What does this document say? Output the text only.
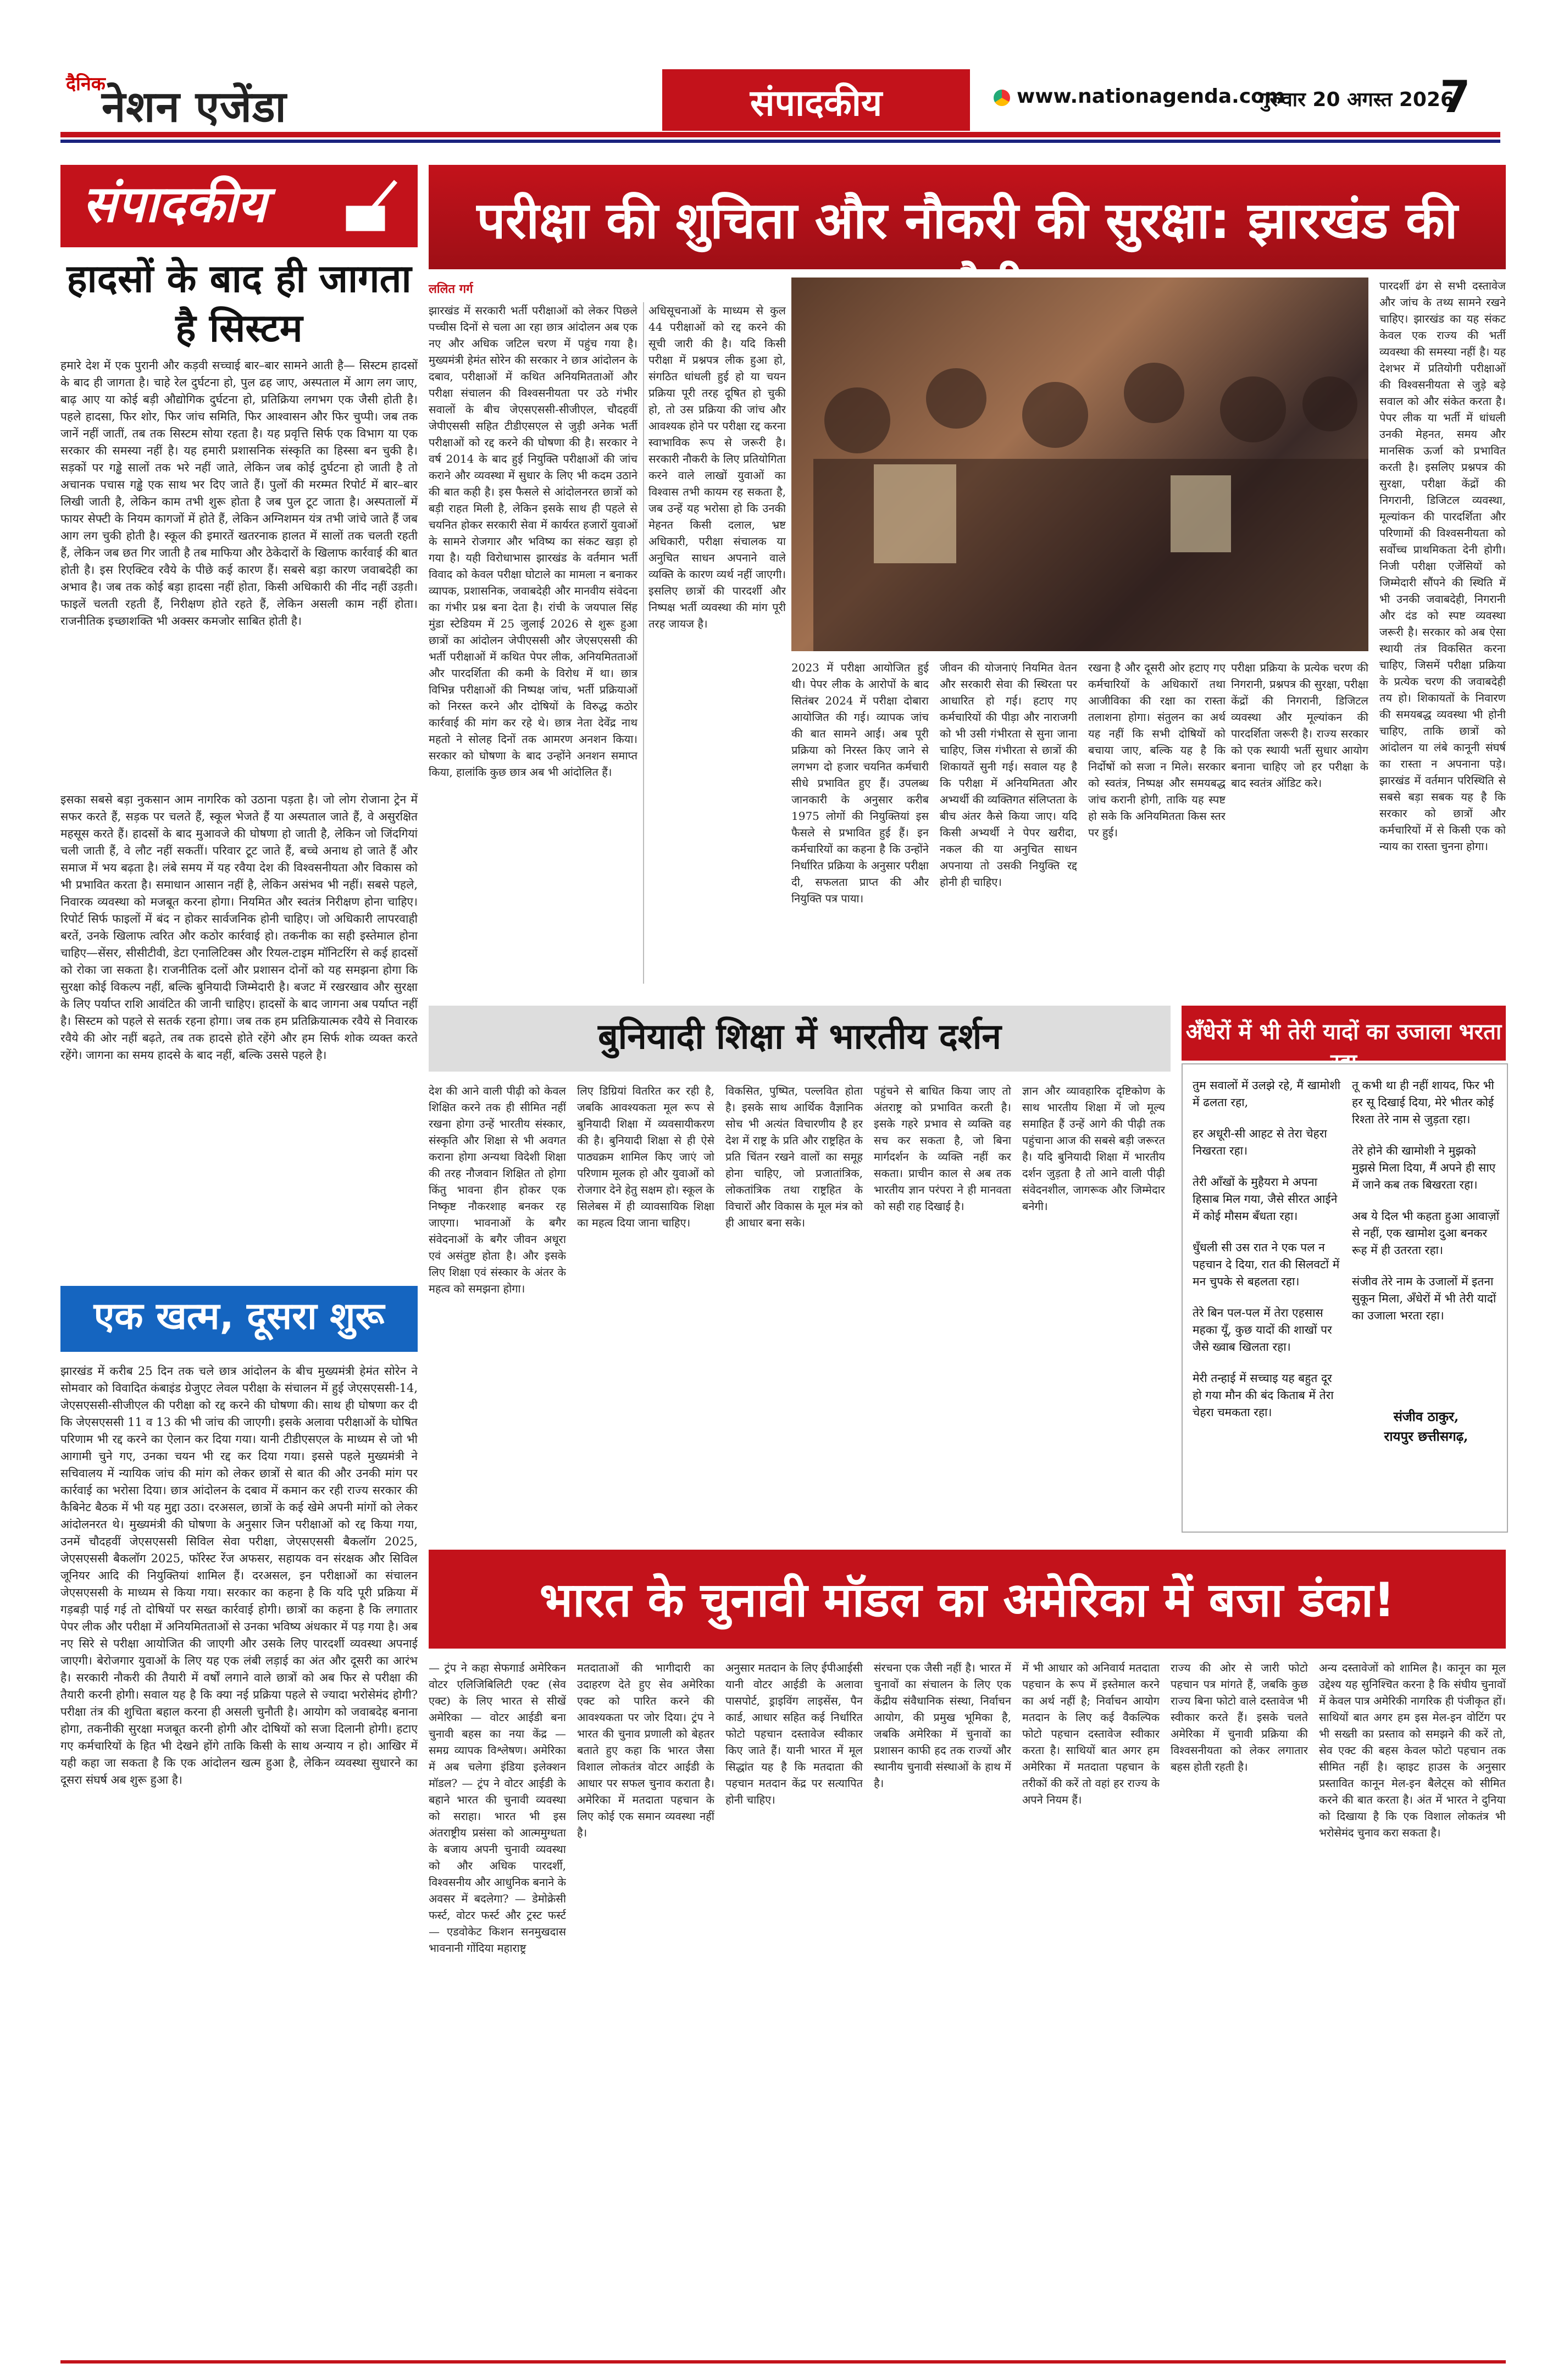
दैनिक
नेशन एजेंडा	संपादकीय	www.nationagenda.com
गुरुवार 20 अगस्त 2026
7
संपादकीय
हादसों के बाद ही जागता है सिस्टम
हमारे देश में एक पुरानी और कड़वी सच्चाई बार–बार सामने आती है— सिस्टम हादसों के बाद ही जागता है। चाहे रेल दुर्घटना हो, पुल ढह जाए, अस्पताल में आग लग जाए, बाढ़ आए या कोई बड़ी औद्योगिक दुर्घटना हो, प्रतिक्रिया लगभग एक जैसी होती है। पहले हादसा, फिर शोर, फिर जांच समिति, फिर आश्वासन और फिर चुप्पी। जब तक जानें नहीं जातीं, तब तक सिस्टम सोया रहता है। यह प्रवृत्ति सिर्फ एक विभाग या एक सरकार की समस्या नहीं है। यह हमारी प्रशासनिक संस्कृति का हिस्सा बन चुकी है। सड़कों पर गड्ढे सालों तक भरे नहीं जाते, लेकिन जब कोई दुर्घटना हो जाती है तो अचानक पचास गड्ढे एक साथ भर दिए जाते हैं। पुलों की मरम्मत रिपोर्ट में बार–बार लिखी जाती है, लेकिन काम तभी शुरू होता है जब पुल टूट जाता है। अस्पतालों में फायर सेफ्टी के नियम कागजों में होते हैं, लेकिन अग्निशमन यंत्र तभी जांचे जाते हैं जब आग लग चुकी होती है। स्कूल की इमारतें खतरनाक हालत में सालों तक चलती रहती हैं, लेकिन जब छत गिर जाती है तब माफिया और ठेकेदारों के खिलाफ कार्रवाई की बात होती है। इस रिएक्टिव रवैये के पीछे कई कारण हैं। सबसे बड़ा कारण जवाबदेही का अभाव है। जब तक कोई बड़ा हादसा नहीं होता, किसी अधिकारी की नींद नहीं उड़ती। फाइलें चलती रहती हैं, निरीक्षण होते रहते हैं, लेकिन असली काम नहीं होता। राजनीतिक इच्छाशक्ति भी अक्सर कमजोर साबित होती है।
इसका सबसे बड़ा नुकसान आम नागरिक को उठाना पड़ता है। जो लोग रोजाना ट्रेन में सफर करते हैं, सड़क पर चलते हैं, स्कूल भेजते हैं या अस्पताल जाते हैं, वे असुरक्षित महसूस करते हैं। हादसों के बाद मुआवजे की घोषणा हो जाती है, लेकिन जो जिंदगियां चली जाती हैं, वे लौट नहीं सकतीं। परिवार टूट जाते हैं, बच्चे अनाथ हो जाते हैं और समाज में भय बढ़ता है। लंबे समय में यह रवैया देश की विश्वसनीयता और विकास को भी प्रभावित करता है। समाधान आसान नहीं है, लेकिन असंभव भी नहीं। सबसे पहले, निवारक व्यवस्था को मजबूत करना होगा। नियमित और स्वतंत्र निरीक्षण होना चाहिए। रिपोर्ट सिर्फ फाइलों में बंद न होकर सार्वजनिक होनी चाहिए। जो अधिकारी लापरवाही बरतें, उनके खिलाफ त्वरित और कठोर कार्रवाई हो। तकनीक का सही इस्तेमाल होना चाहिए—सेंसर, सीसीटीवी, डेटा एनालिटिक्स और रियल-टाइम मॉनिटरिंग से कई हादसों को रोका जा सकता है। राजनीतिक दलों और प्रशासन दोनों को यह समझना होगा कि सुरक्षा कोई विकल्प नहीं, बल्कि बुनियादी जिम्मेदारी है। बजट में रखरखाव और सुरक्षा के लिए पर्याप्त राशि आवंटित की जानी चाहिए। हादसों के बाद जागना अब पर्याप्त नहीं है। सिस्टम को पहले से सतर्क रहना होगा। जब तक हम प्रतिक्रियात्मक रवैये से निवारक रवैये की ओर नहीं बढ़ते, तब तक हादसे होते रहेंगे और हम सिर्फ शोक व्यक्त करते रहेंगे। जागना का समय हादसे के बाद नहीं, बल्कि उससे पहले है।
एक खत्म, दूसरा शुरू
झारखंड में करीब 25 दिन तक चले छात्र आंदोलन के बीच मुख्यमंत्री हेमंत सोरेन ने सोमवार को विवादित कंबाइंड ग्रेजुएट लेवल परीक्षा के संचालन में हुई जेएसएससी-14, जेएसएससी-सीजीएल की परीक्षा को रद्द करने की घोषणा की। साथ ही घोषणा कर दी कि जेएसएससी 11 व 13 की भी जांच की जाएगी। इसके अलावा परीक्षाओं के घोषित परिणाम भी रद्द करने का ऐलान कर दिया गया। यानी टीडीएसएल के माध्यम से जो भी आगामी चुने गए, उनका चयन भी रद्द कर दिया गया। इससे पहले मुख्यमंत्री ने सचिवालय में न्यायिक जांच की मांग को लेकर छात्रों से बात की और उनकी मांग पर कार्रवाई का भरोसा दिया। छात्र आंदोलन के दबाव में कमान कर रही राज्य सरकार की कैबिनेट बैठक में भी यह मुद्दा उठा। दरअसल, छात्रों के कई खेमे अपनी मांगों को लेकर आंदोलनरत थे। मुख्यमंत्री की घोषणा के अनुसार जिन परीक्षाओं को रद्द किया गया, उनमें चौदहवीं जेएसएससी सिविल सेवा परीक्षा, जेएसएससी बैकलॉग 2025, जेएसएससी बैकलॉग 2025, फॉरेस्ट रेंज अफसर, सहायक वन संरक्षक और सिविल जूनियर आदि की नियुक्तियां शामिल हैं। दरअसल, इन परीक्षाओं का संचालन जेएसएससी के माध्यम से किया गया। सरकार का कहना है कि यदि पूरी प्रक्रिया में गड़बड़ी पाई गई तो दोषियों पर सख्त कार्रवाई होगी। छात्रों का कहना है कि लगातार पेपर लीक और परीक्षा में अनियमितताओं से उनका भविष्य अंधकार में पड़ गया है। अब नए सिरे से परीक्षा आयोजित की जाएगी और उसके लिए पारदर्शी व्यवस्था अपनाई जाएगी। बेरोजगार युवाओं के लिए यह एक लंबी लड़ाई का अंत और दूसरी का आरंभ है। सरकारी नौकरी की तैयारी में वर्षों लगाने वाले छात्रों को अब फिर से परीक्षा की तैयारी करनी होगी। सवाल यह है कि क्या नई प्रक्रिया पहले से ज्यादा भरोसेमंद होगी? परीक्षा तंत्र की शुचिता बहाल करना ही असली चुनौती है। आयोग को जवाबदेह बनाना होगा, तकनीकी सुरक्षा मजबूत करनी होगी और दोषियों को सजा दिलानी होगी। हटाए गए कर्मचारियों के हित भी देखने होंगे ताकि किसी के साथ अन्याय न हो। आखिर में यही कहा जा सकता है कि एक आंदोलन खत्म हुआ है, लेकिन व्यवस्था सुधारने का दूसरा संघर्ष अब शुरू हुआ है।
परीक्षा की शुचिता और नौकरी की सुरक्षा: झारखंड की
ललित गर्ग
झारखंड में सरकारी भर्ती परीक्षाओं को लेकर पिछले पच्चीस दिनों से चला आ रहा छात्र आंदोलन अब एक नए और अधिक जटिल चरण में पहुंच गया है। मुख्यमंत्री हेमंत सोरेन की सरकार ने छात्र आंदोलन के दबाव, परीक्षाओं में कथित अनियमितताओं और परीक्षा संचालन की विश्वसनीयता पर उठे गंभीर सवालों के बीच जेएसएससी-सीजीएल, चौदहवीं जेपीएससी सहित टीडीएसएल से जुड़ी अनेक भर्ती परीक्षाओं को रद्द करने की घोषणा की है। सरकार ने वर्ष 2014 के बाद हुई नियुक्ति परीक्षाओं की जांच कराने और व्यवस्था में सुधार के लिए भी कदम उठाने की बात कही है। इस फैसले से आंदोलनरत छात्रों को बड़ी राहत मिली है, लेकिन इसके साथ ही पहले से चयनित होकर सरकारी सेवा में कार्यरत हजारों युवाओं के सामने रोजगार और भविष्य का संकट खड़ा हो गया है। यही विरोधाभास झारखंड के वर्तमान भर्ती विवाद को केवल परीक्षा घोटाले का मामला न बनाकर व्यापक, प्रशासनिक, जवाबदेही और मानवीय संवेदना का गंभीर प्रश्न बना देता है। रांची के जयपाल सिंह मुंडा स्टेडियम में 25 जुलाई 2026 से शुरू हुआ छात्रों का आंदोलन जेपीएससी और जेएसएससी की भर्ती परीक्षाओं में कथित पेपर लीक, अनियमितताओं और पारदर्शिता की कमी के विरोध में था। छात्र विभिन्न परीक्षाओं की निष्पक्ष जांच, भर्ती प्रक्रियाओं को निरस्त करने और दोषियों के विरुद्ध कठोर कार्रवाई की मांग कर रहे थे। छात्र नेता देवेंद्र नाथ महतो ने सोलह दिनों तक आमरण अनशन किया। सरकार को घोषणा के बाद उन्होंने अनशन समाप्त किया, हालांकि कुछ छात्र अब भी आंदोलित हैं।
अधिसूचनाओं के माध्यम से कुल 44 परीक्षाओं को रद्द करने की सूची जारी की है। यदि किसी परीक्षा में प्रश्नपत्र लीक हुआ हो, संगठित धांधली हुई हो या चयन प्रक्रिया पूरी तरह दूषित हो चुकी हो, तो उस प्रक्रिया की जांच और आवश्यक होने पर परीक्षा रद्द करना स्वाभाविक रूप से जरूरी है। सरकारी नौकरी के लिए प्रतियोगिता करने वाले लाखों युवाओं का विश्वास तभी कायम रह सकता है, जब उन्हें यह भरोसा हो कि उनकी मेहनत किसी दलाल, भ्रष्ट अधिकारी, परीक्षा संचालक या अनुचित साधन अपनाने वाले व्यक्ति के कारण व्यर्थ नहीं जाएगी। इसलिए छात्रों की पारदर्शी और निष्पक्ष भर्ती व्यवस्था की मांग पूरी तरह जायज है।
2023 में परीक्षा आयोजित हुई थी। पेपर लीक के आरोपों के बाद सितंबर 2024 में परीक्षा दोबारा आयोजित की गई। व्यापक जांच की बात सामने आई। अब पूरी प्रक्रिया को निरस्त किए जाने से लगभग दो हजार चयनित कर्मचारी सीधे प्रभावित हुए हैं। उपलब्ध जानकारी के अनुसार करीब 1975 लोगों की नियुक्तियां इस फैसले से प्रभावित हुई हैं। इन कर्मचारियों का कहना है कि उन्होंने निर्धारित प्रक्रिया के अनुसार परीक्षा दी, सफलता प्राप्त की और नियुक्ति पत्र पाया।
जीवन की योजनाएं नियमित वेतन और सरकारी सेवा की स्थिरता पर आधारित हो गई। हटाए गए कर्मचारियों की पीड़ा और नाराजगी को भी उसी गंभीरता से सुना जाना चाहिए, जिस गंभीरता से छात्रों की शिकायतें सुनी गई। सवाल यह है कि परीक्षा में अनियमितता और अभ्यर्थी की व्यक्तिगत संलिप्तता के बीच अंतर कैसे किया जाए। यदि किसी अभ्यर्थी ने पेपर खरीदा, नकल की या अनुचित साधन अपनाया तो उसकी नियुक्ति रद्द होनी ही चाहिए।
रखना है और दूसरी ओर हटाए गए कर्मचारियों के अधिकारों तथा आजीविका की रक्षा का रास्ता तलाशना होगा। संतुलन का अर्थ यह नहीं कि सभी दोषियों को बचाया जाए, बल्कि यह है कि निर्दोषों को सजा न मिले। सरकार को स्वतंत्र, निष्पक्ष और समयबद्ध जांच करानी होगी, ताकि यह स्पष्ट हो सके कि अनियमितता किस स्तर पर हुई।
परीक्षा प्रक्रिया के प्रत्येक चरण की निगरानी, प्रश्नपत्र की सुरक्षा, परीक्षा केंद्रों की निगरानी, डिजिटल व्यवस्था और मूल्यांकन की पारदर्शिता जरूरी है। राज्य सरकार को एक स्थायी भर्ती सुधार आयोग बनाना चाहिए जो हर परीक्षा के बाद स्वतंत्र ऑडिट करे।
पारदर्शी ढंग से सभी दस्तावेज और जांच के तथ्य सामने रखने चाहिए। झारखंड का यह संकट केवल एक राज्य की भर्ती व्यवस्था की समस्या नहीं है। यह देशभर में प्रतियोगी परीक्षाओं की विश्वसनीयता से जुड़े बड़े सवाल को और संकेत करता है। पेपर लीक या भर्ती में धांधली उनकी मेहनत, समय और मानसिक ऊर्जा को प्रभावित करती है। इसलिए प्रश्नपत्र की सुरक्षा, परीक्षा केंद्रों की निगरानी, डिजिटल व्यवस्था, मूल्यांकन की पारदर्शिता और परिणामों की विश्वसनीयता को सर्वोच्च प्राथमिकता देनी होगी। निजी परीक्षा एजेंसियों को जिम्मेदारी सौंपने की स्थिति में भी उनकी जवाबदेही, निगरानी और दंड को स्पष्ट व्यवस्था जरूरी है। सरकार को अब ऐसा स्थायी तंत्र विकसित करना चाहिए, जिसमें परीक्षा प्रक्रिया के प्रत्येक चरण की जवाबदेही तय हो। शिकायतों के निवारण की समयबद्ध व्यवस्था भी होनी चाहिए, ताकि छात्रों को आंदोलन या लंबे कानूनी संघर्ष का रास्ता न अपनाना पड़े। झारखंड में वर्तमान परिस्थिति से सबसे बड़ा सबक यह है कि सरकार को छात्रों और कर्मचारियों में से किसी एक को न्याय का रास्ता चुनना होगा।
बुनियादी शिक्षा में भारतीय दर्शन
देश की आने वाली पीढ़ी को केवल शिक्षित करने तक ही सीमित नहीं रखना होगा उन्हें भारतीय संस्कार, संस्कृति और शिक्षा से भी अवगत कराना होगा अन्यथा विदेशी शिक्षा की तरह नौजवान शिक्षित तो होगा किंतु भावना हीन होकर एक निष्कृष्ट नौकरशाह बनकर रह जाएगा। भावनाओं के बगैर संवेदनाओं के बगैर जीवन अधूरा एवं असंतुष्ट होता है। और इसके लिए शिक्षा एवं संस्कार के अंतर के महत्व को समझना होगा।
लिए डिग्रियां वितरित कर रही है, जबकि आवश्यकता मूल रूप से बुनियादी शिक्षा में व्यवसायीकरण की है। बुनियादी शिक्षा से ही ऐसे पाठ्यक्रम शामिल किए जाएं जो परिणाम मूलक हो और युवाओं को रोजगार देने हेतु सक्षम हो। स्कूल के सिलेबस में ही व्यावसायिक शिक्षा का महत्व दिया जाना चाहिए।
विकसित, पुष्पित, पल्लवित होता है। इसके साथ आर्थिक वैज्ञानिक सोच भी अत्यंत विचारणीय है हर देश में राष्ट्र के प्रति और राष्ट्रहित के प्रति चिंतन रखने वालों का समूह होना चाहिए, जो प्रजातांत्रिक, लोकतांत्रिक तथा राष्ट्रहित के विचारों और विकास के मूल मंत्र को ही आधार बना सके।
पहुंचने से बाधित किया जाए तो अंतराष्ट्र को प्रभावित करती है। इसके गहरे प्रभाव से व्यक्ति वह सच कर सकता है, जो बिना मार्गदर्शन के व्यक्ति नहीं कर सकता। प्राचीन काल से अब तक भारतीय ज्ञान परंपरा ने ही मानवता को सही राह दिखाई है।
ज्ञान और व्यावहारिक दृष्टिकोण के साथ भारतीय शिक्षा में जो मूल्य समाहित हैं उन्हें आगे की पीढ़ी तक पहुंचाना आज की सबसे बड़ी जरूरत है। यदि बुनियादी शिक्षा में भारतीय दर्शन जुड़ता है तो आने वाली पीढ़ी संवेदनशील, जागरूक और जिम्मेदार बनेगी।
अँधेरों में भी तेरी यादों का उजाला भरता रहा
तुम सवालों में उलझे रहे, मैं खामोशी में ढलता रहा,
हर अधूरी-सी आहट से तेरा चेहरा निखरता रहा।
तेरी आँखों के मुहैयरा मे अपना हिसाब मिल गया, जैसे सीरत आईने में कोई मौसम बँधता रहा।
धुँधली सी उस रात ने एक पल न पहचान दे दिया, रात की सिलवटों में मन चुपके से बहलता रहा।
तेरे बिन पल-पल में तेरा एहसास महका यूँ, कुछ यादों की शाखों पर जैसे ख्वाब खिलता रहा।
मेरी तन्हाई में सच्चाइ यह बहुत दूर हो गया मौन की बंद किताब में तेरा चेहरा चमकता रहा।
तू कभी था ही नहीं शायद, फिर भी हर सू दिखाई दिया, मेरे भीतर कोई रिश्ता तेरे नाम से जुड़ता रहा।
तेरे होने की खामोशी ने मुझको मुझसे मिला दिया, मैं अपने ही साए में जाने कब तक बिखरता रहा।
अब ये दिल भी कहता हुआ आवाज़ों से नहीं, एक खामोश दुआ बनकर रूह में ही उतरता रहा।
संजीव तेरे नाम के उजालों में इतना सुकून मिला, अँधेरों में भी तेरी यादों का उजाला भरता रहा।
संजीव ठाकुर,
रायपुर छत्तीसगढ़,
भारत के चुनावी मॉडल का अमेरिका में बजा डंका!
— ट्रंप ने कहा सेफगार्ड अमेरिकन वोटर एलिजिबिलिटी एक्ट (सेव एक्ट) के लिए भारत से सीखें अमेरिका — वोटर आईडी बना चुनावी बहस का नया केंद्र — समग्र व्यापक विश्लेषण। अमेरिका में अब चलेगा इंडिया इलेक्शन मॉडल? — ट्रंप ने वोटर आईडी के बहाने भारत की चुनावी व्यवस्था को सराहा। भारत भी इस अंतराष्ट्रीय प्रसंसा को आत्ममुग्धता के बजाय अपनी चुनावी व्यवस्था को और अधिक पारदर्शी, विश्वसनीय और आधुनिक बनाने के अवसर में बदलेगा? — डेमोक्रेसी फर्स्ट, वोटर फर्स्ट और ट्रस्ट फर्स्ट — एडवोकेट किशन सनमुखदास भावनानी गोंदिया महाराष्ट्र
मतदाताओं की भागीदारी का उदाहरण देते हुए सेव अमेरिका एक्ट को पारित करने की आवश्यकता पर जोर दिया। ट्रंप ने भारत की चुनाव प्रणाली को बेहतर बताते हुए कहा कि भारत जैसा विशाल लोकतंत्र वोटर आईडी के आधार पर सफल चुनाव कराता है। अमेरिका में मतदाता पहचान के लिए कोई एक समान व्यवस्था नहीं है।
अनुसार मतदान के लिए ईपीआईसी यानी वोटर आईडी के अलावा पासपोर्ट, ड्राइविंग लाइसेंस, पैन कार्ड, आधार सहित कई निर्धारित फोटो पहचान दस्तावेज स्वीकार किए जाते हैं। यानी भारत में मूल सिद्धांत यह है कि मतदाता की पहचान मतदान केंद्र पर सत्यापित होनी चाहिए।
संरचना एक जैसी नहीं है। भारत में चुनावों का संचालन के लिए एक केंद्रीय संवैधानिक संस्था, निर्वाचन आयोग, की प्रमुख भूमिका है, जबकि अमेरिका में चुनावों का प्रशासन काफी हद तक राज्यों और स्थानीय चुनावी संस्थाओं के हाथ में है।
में भी आधार को अनिवार्य मतदाता पहचान के रूप में इस्तेमाल करने का अर्थ नहीं है; निर्वाचन आयोग मतदान के लिए कई वैकल्पिक फोटो पहचान दस्तावेज स्वीकार करता है। साथियों बात अगर हम अमेरिका में मतदाता पहचान के तरीकों की करें तो वहां हर राज्य के अपने नियम हैं।
राज्य की ओर से जारी फोटो पहचान पत्र मांगते हैं, जबकि कुछ राज्य बिना फोटो वाले दस्तावेज भी स्वीकार करते हैं। इसके चलते अमेरिका में चुनावी प्रक्रिया की विश्वसनीयता को लेकर लगातार बहस होती रहती है।
अन्य दस्तावेजों को शामिल है। कानून का मूल उद्देश्य यह सुनिश्चित करना है कि संघीय चुनावों में केवल पात्र अमेरिकी नागरिक ही पंजीकृत हों। साथियों बात अगर हम इस मेल-इन वोटिंग पर भी सख्ती का प्रस्ताव को समझने की करें तो, सेव एक्ट की बहस केवल फोटो पहचान तक सीमित नहीं है। व्हाइट हाउस के अनुसार प्रस्तावित कानून मेल-इन बैलेट्स को सीमित करने की बात करता है। अंत में भारत ने दुनिया को दिखाया है कि एक विशाल लोकतंत्र भी भरोसेमंद चुनाव करा सकता है।
